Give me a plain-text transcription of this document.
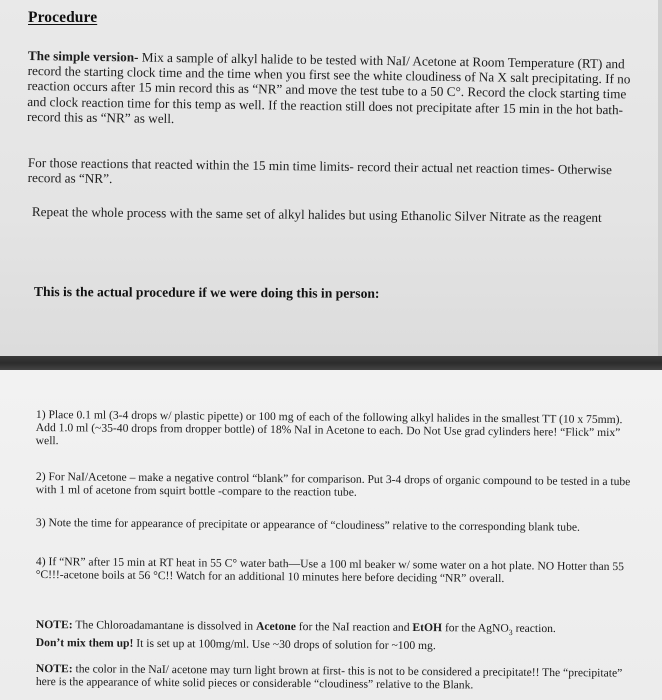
Procedure
The simple version- Mix a sample of alkyl halide to be tested with NaI/ Acetone at Room Temperature (RT) and record the starting clock time and the time when you first see the white cloudiness of Na X salt precipitating. If no reaction occurs after 15 min record this as “NR” and move the test tube to a 50 C°. Record the clock starting time and clock reaction time for this temp as well. If the reaction still does not precipitate after 15 min in the hot bath- record this as “NR” as well.
For those reactions that reacted within the 15 min time limits- record their actual net reaction times- Otherwise record as “NR”.
Repeat the whole process with the same set of alkyl halides but using Ethanolic Silver Nitrate as the reagent
This is the actual procedure if we were doing this in person:
1) Place 0.1 ml (3-4 drops w/ plastic pipette) or 100 mg of each of the following alkyl halides in the smallest TT (10 x 75mm). Add 1.0 ml (~35-40 drops from dropper bottle) of 18% NaI in Acetone to each. Do Not Use grad cylinders here! “Flick” mix” well.
2) For NaI/Acetone – make a negative control “blank” for comparison. Put 3-4 drops of organic compound to be tested in a tube with 1 ml of acetone from squirt bottle -compare to the reaction tube.
3) Note the time for appearance of precipitate or appearance of “cloudiness” relative to the corresponding blank tube.
4) If “NR” after 15 min at RT heat in 55 C° water bath—Use a 100 ml beaker w/ some water on a hot plate. NO Hotter than 55 °C!!!-acetone boils at 56 °C!! Watch for an additional 10 minutes here before deciding “NR” overall.
NOTE: The Chloroadamantane is dissolved in Acetone for the NaI reaction and EtOH for the AgNO$_3$ reaction.
Don’t mix them up! It is set up at 100mg/ml. Use ~30 drops of solution for ~100 mg.
NOTE: the color in the NaI/ acetone may turn light brown at first- this is not to be considered a precipitate!! The “precipitate” here is the appearance of white solid pieces or considerable “cloudiness” relative to the Blank.
